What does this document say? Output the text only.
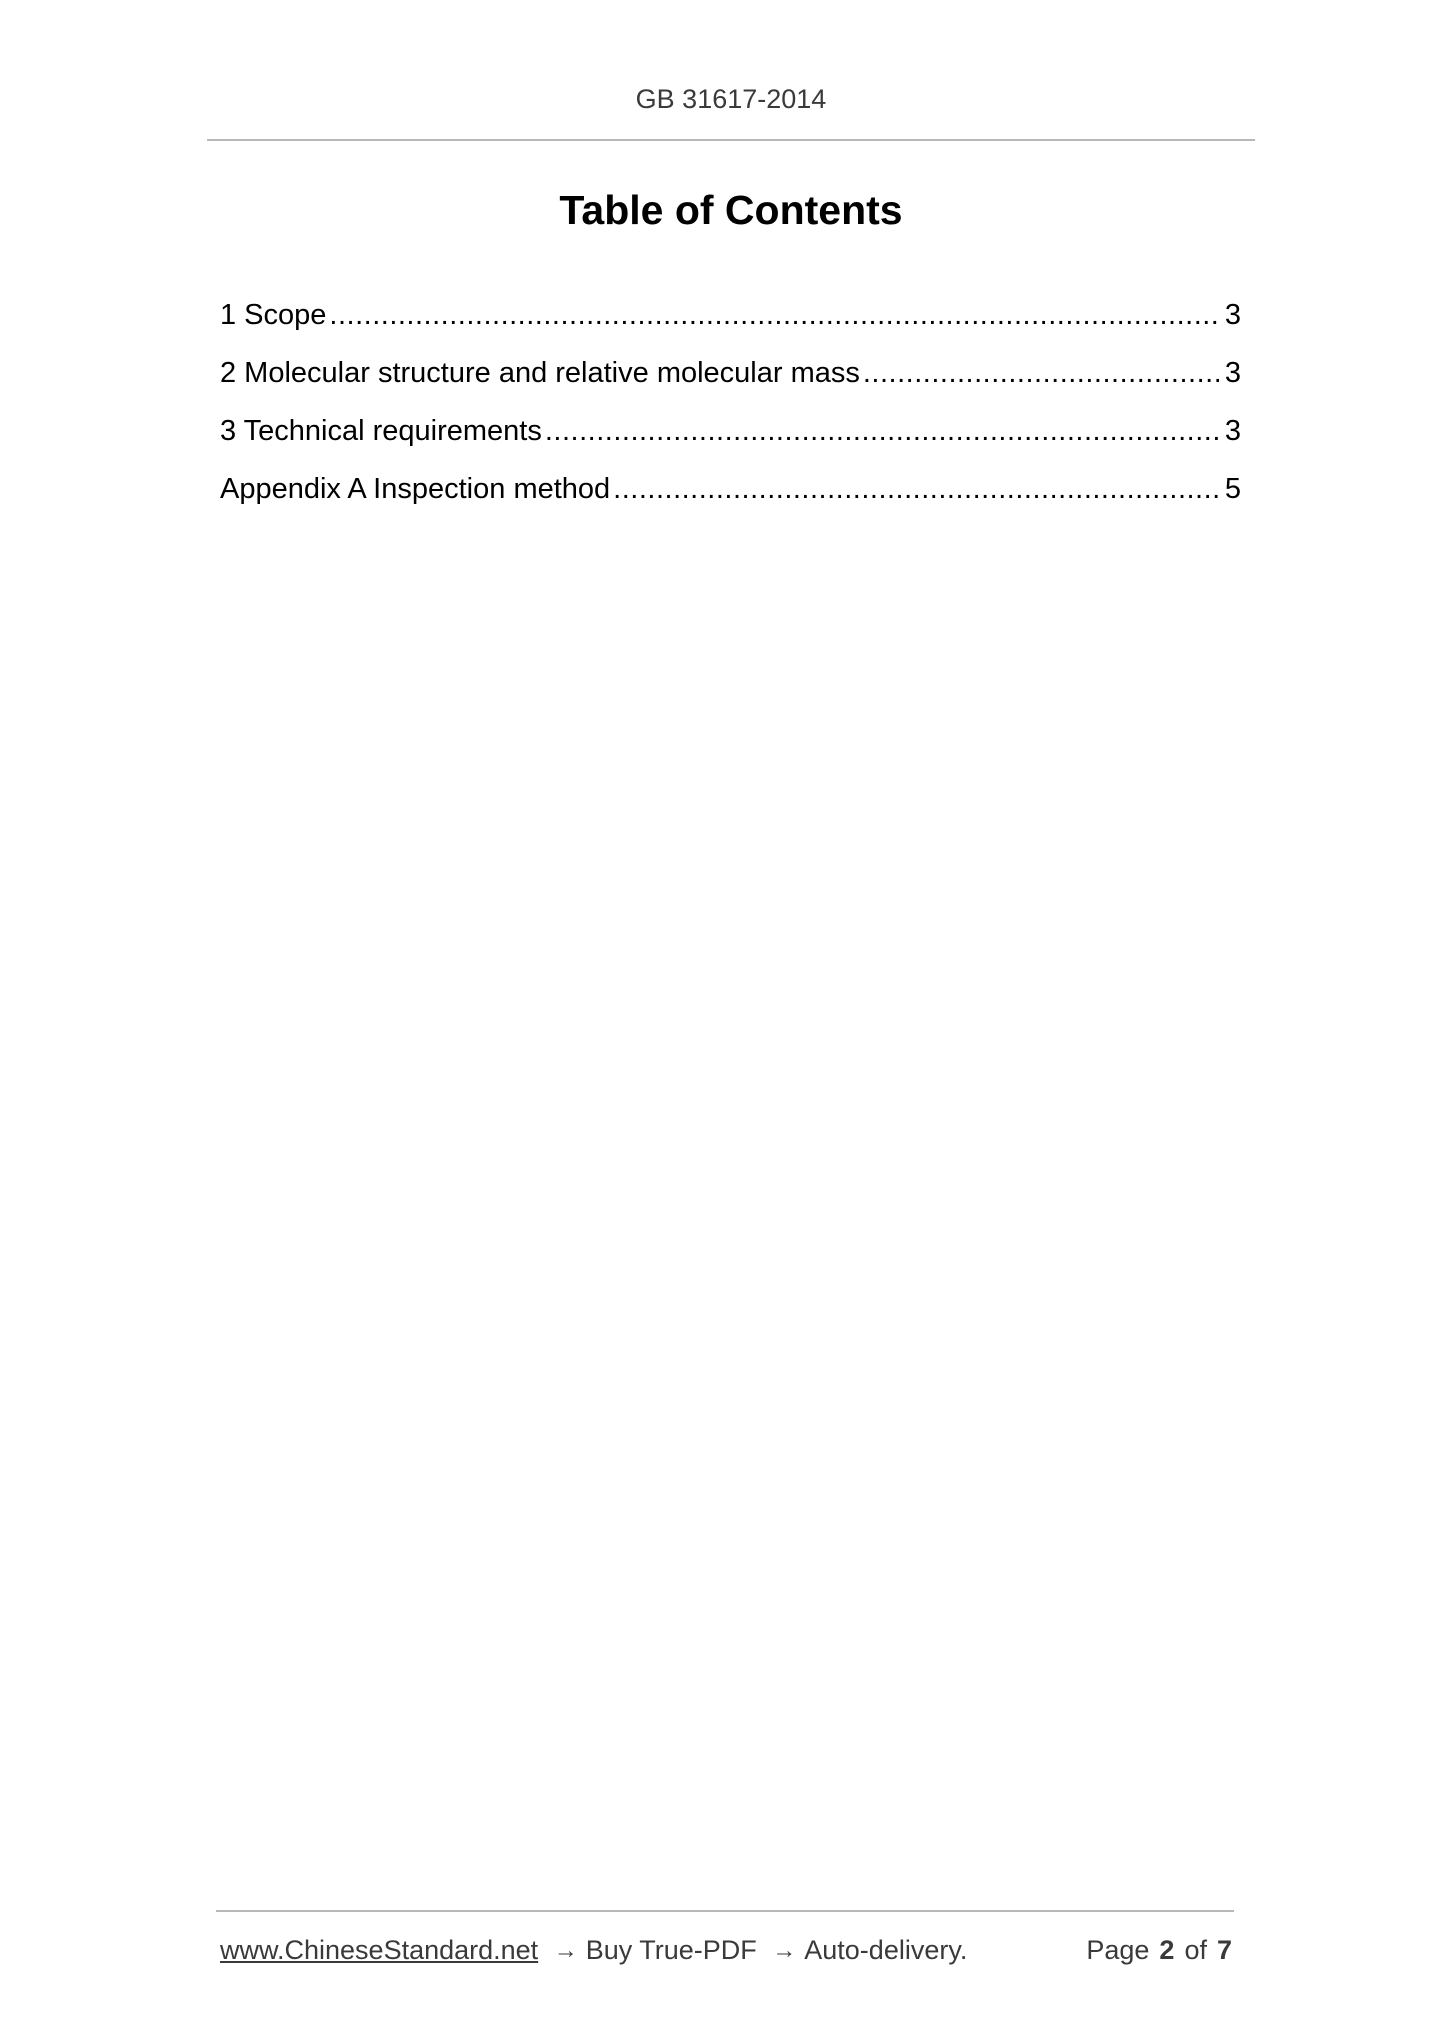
GB 31617-2014
Table of Contents
1 Scope .....	3
2 Molecular structure and relative molecular mass .....	3
3 Technical requirements .....	3
Appendix A Inspection method .....	5
www.ChineseStandard.net → Buy True-PDF → Auto-delivery.	Page 2 of 7
